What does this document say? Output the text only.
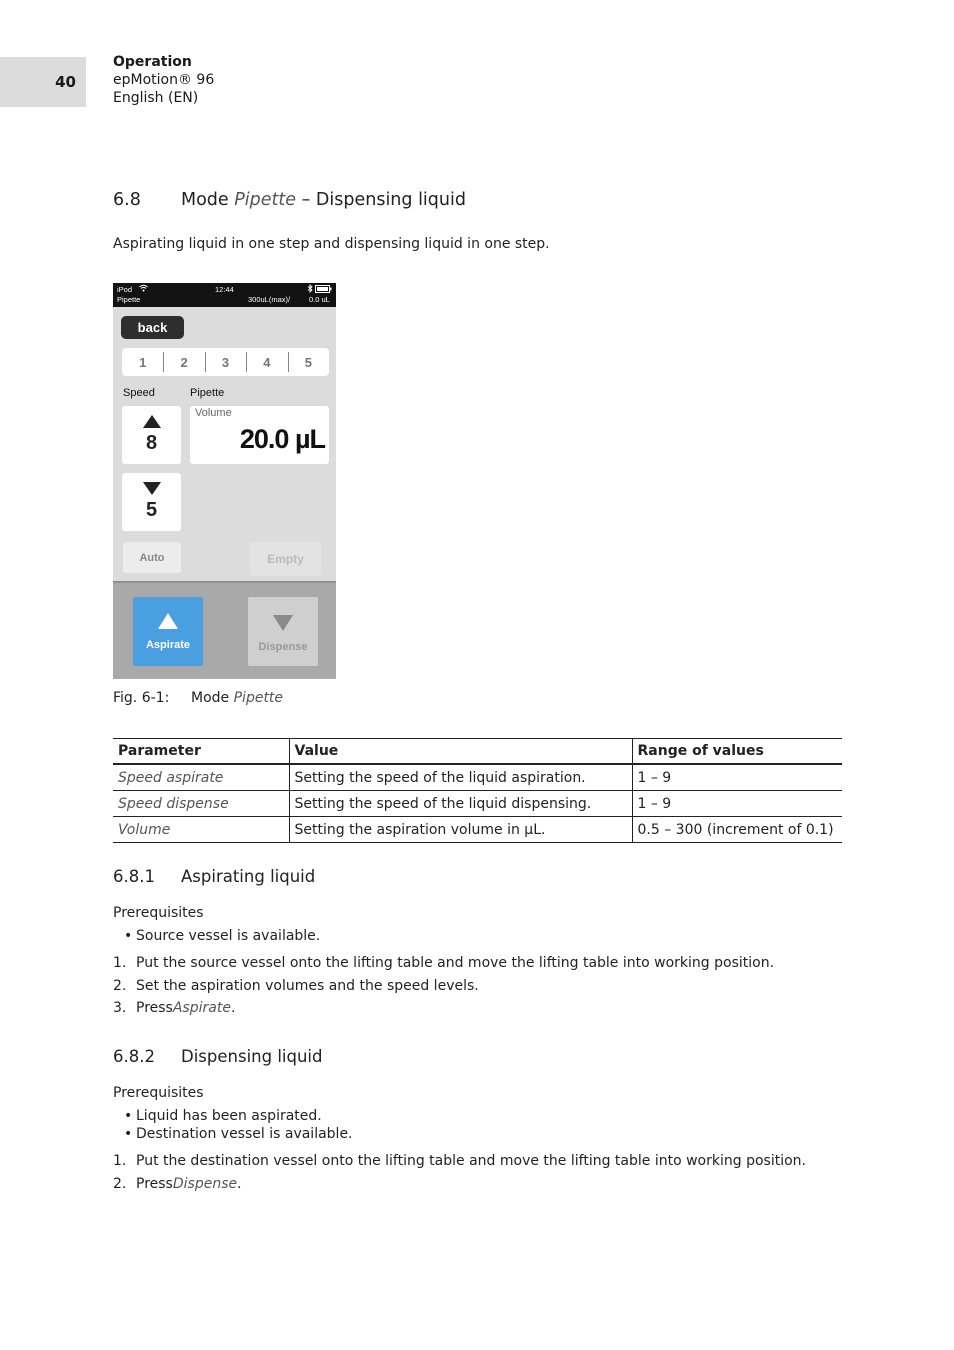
40
Operation
epMotion® 96
English (EN)
6.8 Mode Pipette – Dispensing liquid
Aspirating liquid in one step and dispensing liquid in one step.
iPod	12:44
Pipette	300uL(max)/	0.0 uL
back
1	2	3	4	5
Speed	Pipette
8
5
Volume
20.0 µL
Auto	Empty
Aspirate	Dispense
Fig. 6-1: Mode Pipette
Parameter	Value	Range of values
Speed aspirate	Setting the speed of the liquid aspiration.	1 – 9
Speed dispense	Setting the speed of the liquid dispensing.	1 – 9
Volume	Setting the aspiration volume in µL.	0.5 – 300 (increment of 0.1)
6.8.1 Aspirating liquid
Prerequisites
• Source vessel is available.
1. Put the source vessel onto the lifting table and move the lifting table into working position.
2. Set the aspiration volumes and the speed levels.
3. Press Aspirate .
6.8.2 Dispensing liquid
Prerequisites
• Liquid has been aspirated.
• Destination vessel is available.
1. Put the destination vessel onto the lifting table and move the lifting table into working position.
2. Press Dispense .
